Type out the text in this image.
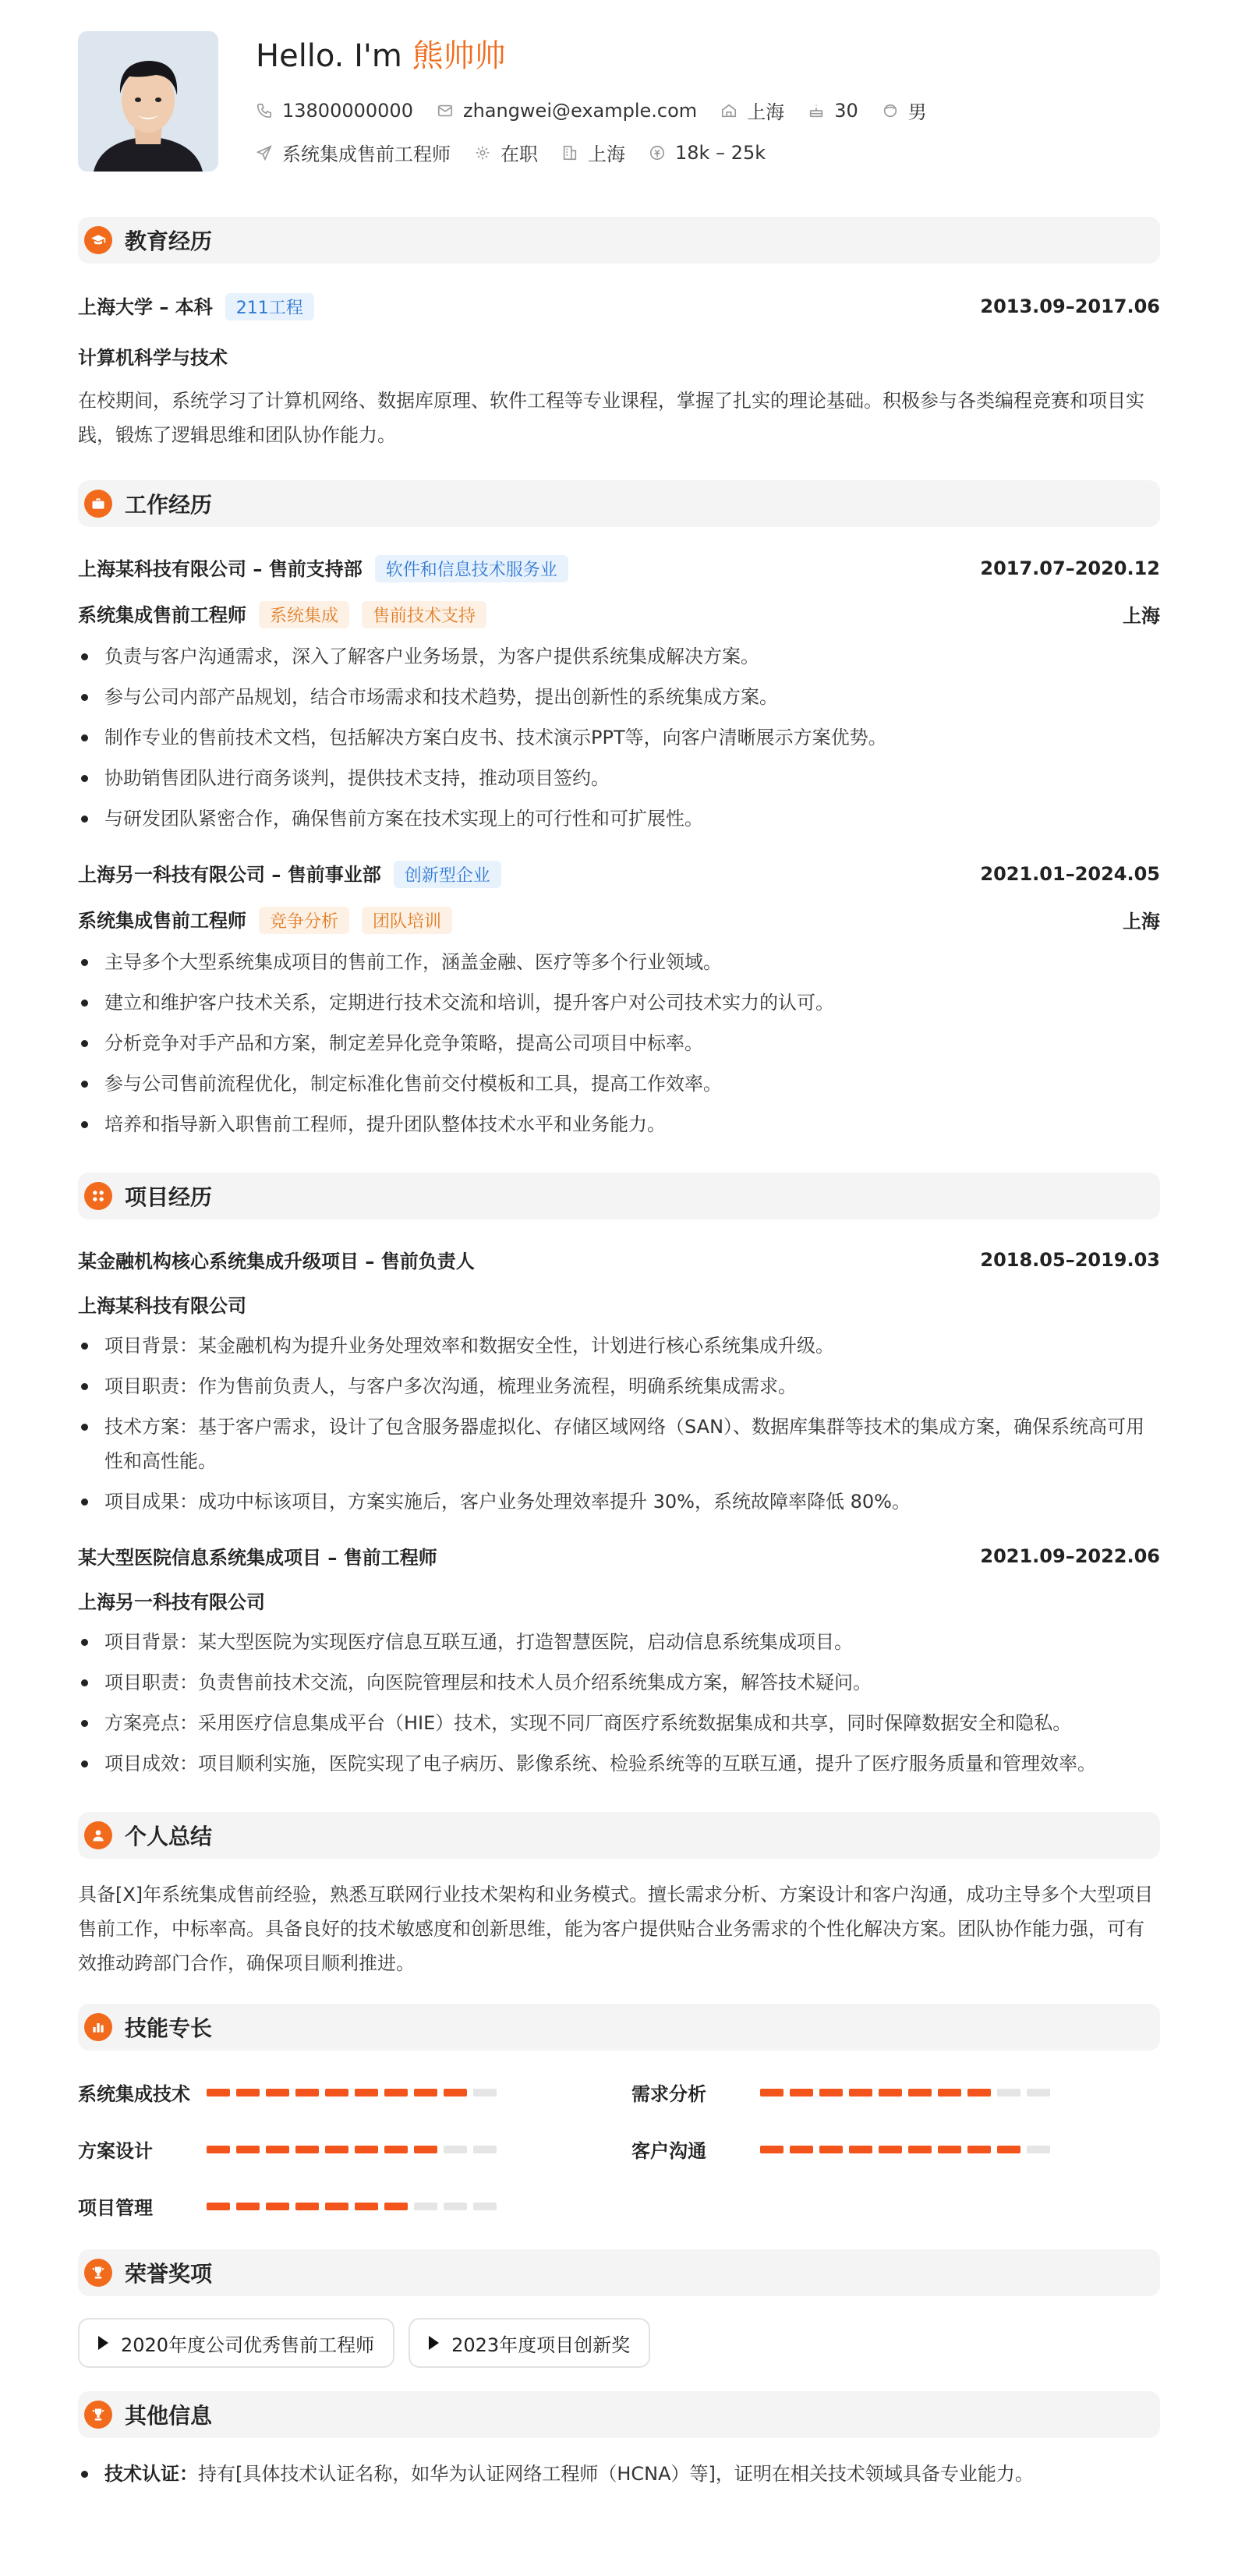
Hello. I'm 熊帅帅
13800000000	zhangwei@example.com	上海	30	男
系统集成售前工程师	在职	上海	18k – 25k
教育经历
上海大学 – 本科 211工程	2013.09–2017.06
计算机科学与技术
在校期间，系统学习了计算机网络、数据库原理、软件工程等专业课程，掌握了扎实的理论基础。积极参与各类编程竞赛和项目实践，锻炼了逻辑思维和团队协作能力。
工作经历
上海某科技有限公司 – 售前支持部 软件和信息技术服务业	2017.07–2020.12
系统集成售前工程师 系统集成 售前技术支持	上海
负责与客户沟通需求，深入了解客户业务场景，为客户提供系统集成解决方案。
参与公司内部产品规划，结合市场需求和技术趋势，提出创新性的系统集成方案。
制作专业的售前技术文档，包括解决方案白皮书、技术演示PPT等，向客户清晰展示方案优势。
协助销售团队进行商务谈判，提供技术支持，推动项目签约。
与研发团队紧密合作，确保售前方案在技术实现上的可行性和可扩展性。
上海另一科技有限公司 – 售前事业部 创新型企业	2021.01–2024.05
系统集成售前工程师 竞争分析 团队培训	上海
主导多个大型系统集成项目的售前工作，涵盖金融、医疗等多个行业领域。
建立和维护客户技术关系，定期进行技术交流和培训，提升客户对公司技术实力的认可。
分析竞争对手产品和方案，制定差异化竞争策略，提高公司项目中标率。
参与公司售前流程优化，制定标准化售前交付模板和工具，提高工作效率。
培养和指导新入职售前工程师，提升团队整体技术水平和业务能力。
项目经历
某金融机构核心系统集成升级项目 – 售前负责人	2018.05–2019.03
上海某科技有限公司
项目背景：某金融机构为提升业务处理效率和数据安全性，计划进行核心系统集成升级。
项目职责：作为售前负责人，与客户多次沟通，梳理业务流程，明确系统集成需求。
技术方案：基于客户需求，设计了包含服务器虚拟化、存储区域网络（SAN）、数据库集群等技术的集成方案，确保系统高可用性和高性能。
项目成果：成功中标该项目，方案实施后，客户业务处理效率提升 30%，系统故障率降低 80%。
某大型医院信息系统集成项目 – 售前工程师	2021.09–2022.06
上海另一科技有限公司
项目背景：某大型医院为实现医疗信息互联互通，打造智慧医院，启动信息系统集成项目。
项目职责：负责售前技术交流，向医院管理层和技术人员介绍系统集成方案，解答技术疑问。
方案亮点：采用医疗信息集成平台（HIE）技术，实现不同厂商医疗系统数据集成和共享，同时保障数据安全和隐私。
项目成效：项目顺利实施，医院实现了电子病历、影像系统、检验系统等的互联互通，提升了医疗服务质量和管理效率。
个人总结
具备[X]年系统集成售前经验，熟悉互联网行业技术架构和业务模式。擅长需求分析、方案设计和客户沟通，成功主导多个大型项目售前工作，中标率高。具备良好的技术敏感度和创新思维，能为客户提供贴合业务需求的个性化解决方案。团队协作能力强，可有效推动跨部门合作，确保项目顺利推进。
技能专长
系统集成技术	需求分析
方案设计	客户沟通
项目管理
荣誉奖项
2020年度公司优秀售前工程师	2023年度项目创新奖
其他信息
技术认证：持有[具体技术认证名称，如华为认证网络工程师（HCNA）等]，证明在相关技术领域具备专业能力。
